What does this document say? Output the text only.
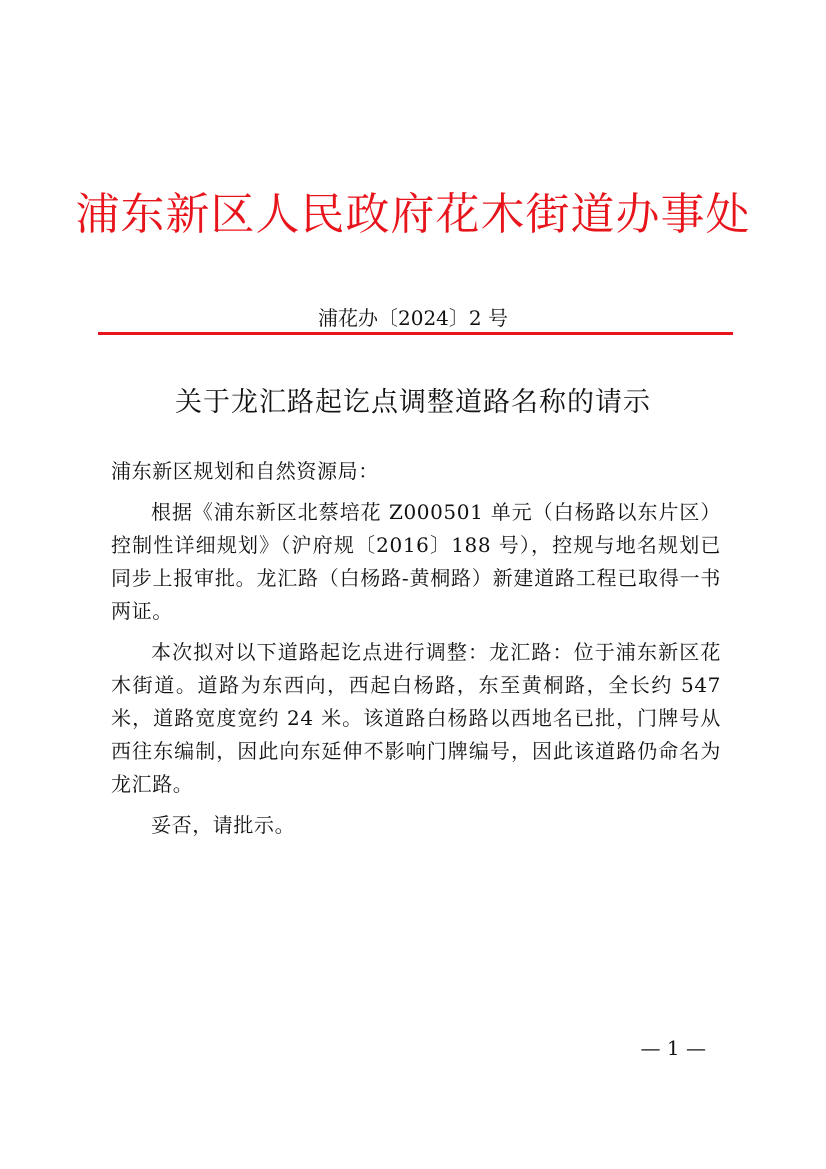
浦东新区人民政府花木街道办事处
浦花办〔2024〕2 号
关于龙汇路起讫点调整道路名称的请示

浦东新区规划和自然资源局：

根据《浦东新区北蔡培花 Z000501 单元（白杨路以东片区）控制性详细规划》（沪府规〔2016〕188 号），控规与地名规划已同步上报审批。龙汇路（白杨路-黄桐路）新建道路工程已取得一书两证。

本次拟对以下道路起讫点进行调整：龙汇路：位于浦东新区花木街道。道路为东西向，西起白杨路，东至黄桐路，全长约 547 米，道路宽度宽约 24 米。该道路白杨路以西地名已批，门牌号从西往东编制，因此向东延伸不影响门牌编号，因此该道路仍命名为龙汇路。

妥否，请批示。

— 1 —
